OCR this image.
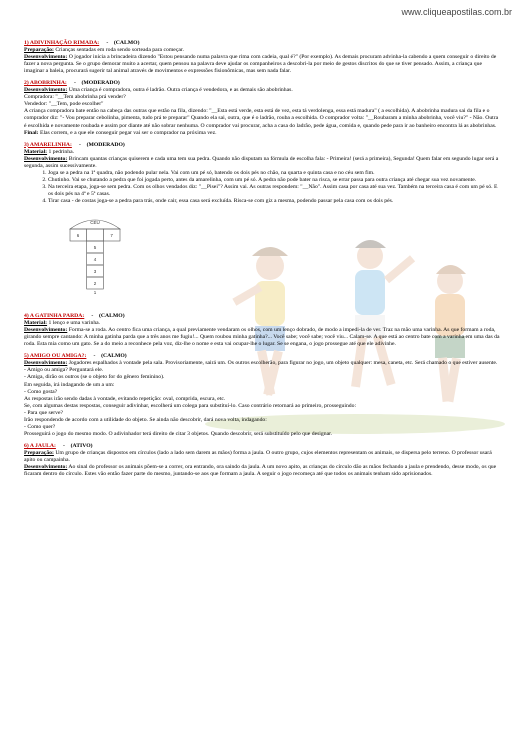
www.cliqueapostilas.com.br

1) ADIVINHAÇÃO RIMADA:     -    (CALMO)

Preparação: Crianças sentadas em roda sendo sorteada para começar.

Desenvolvimento: O jogador inicia a brincadeira dizendo "Estou pensando numa palavra que rima com cadeia, qual é?" (Por exemplo). As demais procuram advinha-la cabendo a quem conseguir o direito de fazer a nova pergunta. Se o grupo demorar muito a acertar, quem pensou na palavra deve ajudar os companheiros a descobri-la por meio de gestos discritos do que se tiver pensado. Assim, a criança que imaginar a baleia, procurará sugerir tal animal através de movimentos e expressões fisionômicas, mas sem nada falar.

2) ABOBRINHA:     -    (MODERADO)

Desenvolvimento: Uma criança é compradora, outra é ladrão. Outra criança é vendedora, e as demais são abobrinhas.

Compradora: "__Tem abobrinha prá vender?

Vendedor: "__Tem, pode escolher"

A criança compradora bate então na cabeça das outras que estão na fila, dizendo: "__Esta está verde, esta está de vez, esta tá verdolenga, essa está madura" ( a escolhida). A abobrinha madura sai da fila e o comprador diz: "- Vou preparar cebolinha, pimenta, tudo prá te preparar" Quando ela sai, outra, que é o ladrão, rouba a escolhida. O comprador volta: "__Roubaram a minha abobrinha, você viu?" - Não. Outra é escolhida e novamente roubada e assim por diante até não sobrar nenhuma. O comprador vai procurar, acha a casa do ladrão, pede água, comida e, quando pede para ir ao banheiro encontra lá as abobrinhas.

Final: Elas correm, e a que ele conseguir pegar vai ser o comprador na próxima vez.

3) AMARELINHA:     -    (MODERADO)

Material: 1 pedrinha.

Desenvolvimento: Brincam quantas crianças quiserem e cada uma tem sua pedra. Quando não disputam na fórmula de escolha fala: - Primeira! (será a primeira), Segunda! Quem falar em segundo lugar será a segunda, assim sucessivamente.

1. Joga se a pedra na 1ª quadra, não podendo pular nela. Vai com um pé só, batendo os dois pés no chão, na quarta e quinta casa e no céu sem fim.
2. Chutinho. Vai se chutando a pedra que foi jogada perto, antes da amarelinha, com um pé só. A pedra não pode bater na risca, se errar passa para outra criança até chegar sua vez novamente.
3. Na terceira etapa, joga-se sem pedra. Com os olhos vendados diz: "__Pisei"? Assim vai. As outras respondem: "__Não". Assim casa por casa até sua vez. Também na terceira casa é com um pé só. E os dois pés na 4ª e 5ª casas.
4. Tirar casa - de costas joga-se a pedra para trás, onde cair, essa casa será excluída. Risca-se com giz a mesma, podendo passar pela casa com os dois pés.
CÉU
6	7
5
4
3
2
1

4) A GATINHA PARDA:     -    (CALMO)

Material: 1 lenço e uma varinha.

Desenvolvimento: Forma-se a roda. Ao centro fica uma criança, a qual previamente vendaram os olhos, com um lenço dobrado, de modo a impedi-la de ver. Traz na mão uma varinha. As que formam a roda, girando sempre cantando: A minha gatinha parda que a três anos me fugiu!... Quem roubou minha gatinha?... Você sabe; você sabe; você viu... Calam-se. A que está ao centro bate com a varinha em uma das da roda. Esta mia como um gato. Se a do meio a reconhece pela voz, diz-lhe o nome e esta vai ocupar-lhe o lugar. Se se engana, o jogo prossegue até que ele adivinhe.

5) AMIGO OU AMIGA?:     -    (CALMO)

Desenvolvimento: Jogadores espalhados à vontade pela sala. Provisoriamente, sairá um. Os outros escolherão, para figurar no jogo, um objeto qualquer: mesa, caneta, etc. Será chamado o que estiver ausente.

- Amigo ou amiga? Perguntará ele.

- Amiga, dirão os outros (se o objeto for do gênero feminino).

Em seguida, irá indagando de um a um:

- Como gosta?

As respostas irão sendo dadas à vontade, evitando repetição: oval, comprida, escura, etc.

Se, com algumas destas respostas, conseguir adivinhar, escolherá um colega para substituí-lo. Caso contrário retornará ao primeiro, prosseguindo:

- Para que serve?

Irão respondendo de acordo com a utilidade do objeto. Se ainda não descobrir, dará nova volta, indagando:

- Como quer?

Prosseguirá o jogo do mesmo modo. O adivinhador terá direito de citar 3 objetos. Quando descobrir, será substituído pelo que designar.

6) A JAULA:     -    (ATIVO)

Preparação: Um grupo de crianças dispostos em círculos (lado a lado sem darem as mãos) forma a jaula. O outro grupo, cujos elementos representam os animais, se dispersa pelo terreno. O professor usará apito ou campainha.

Desenvolvimento: Ao sinal do professor os animais põem-se a correr, ora entrando, ora saindo da jaula. A um novo apito, as crianças do círculo dão as mãos fechando a jaula e prendendo, desse modo, os que ficaram dentro do círculo. Estes vão então fazer parte do mesmo, juntando-se aos que formam a jaula. A seguir o jogo recomeça até que todos os animais tenham sido aprisionados.
